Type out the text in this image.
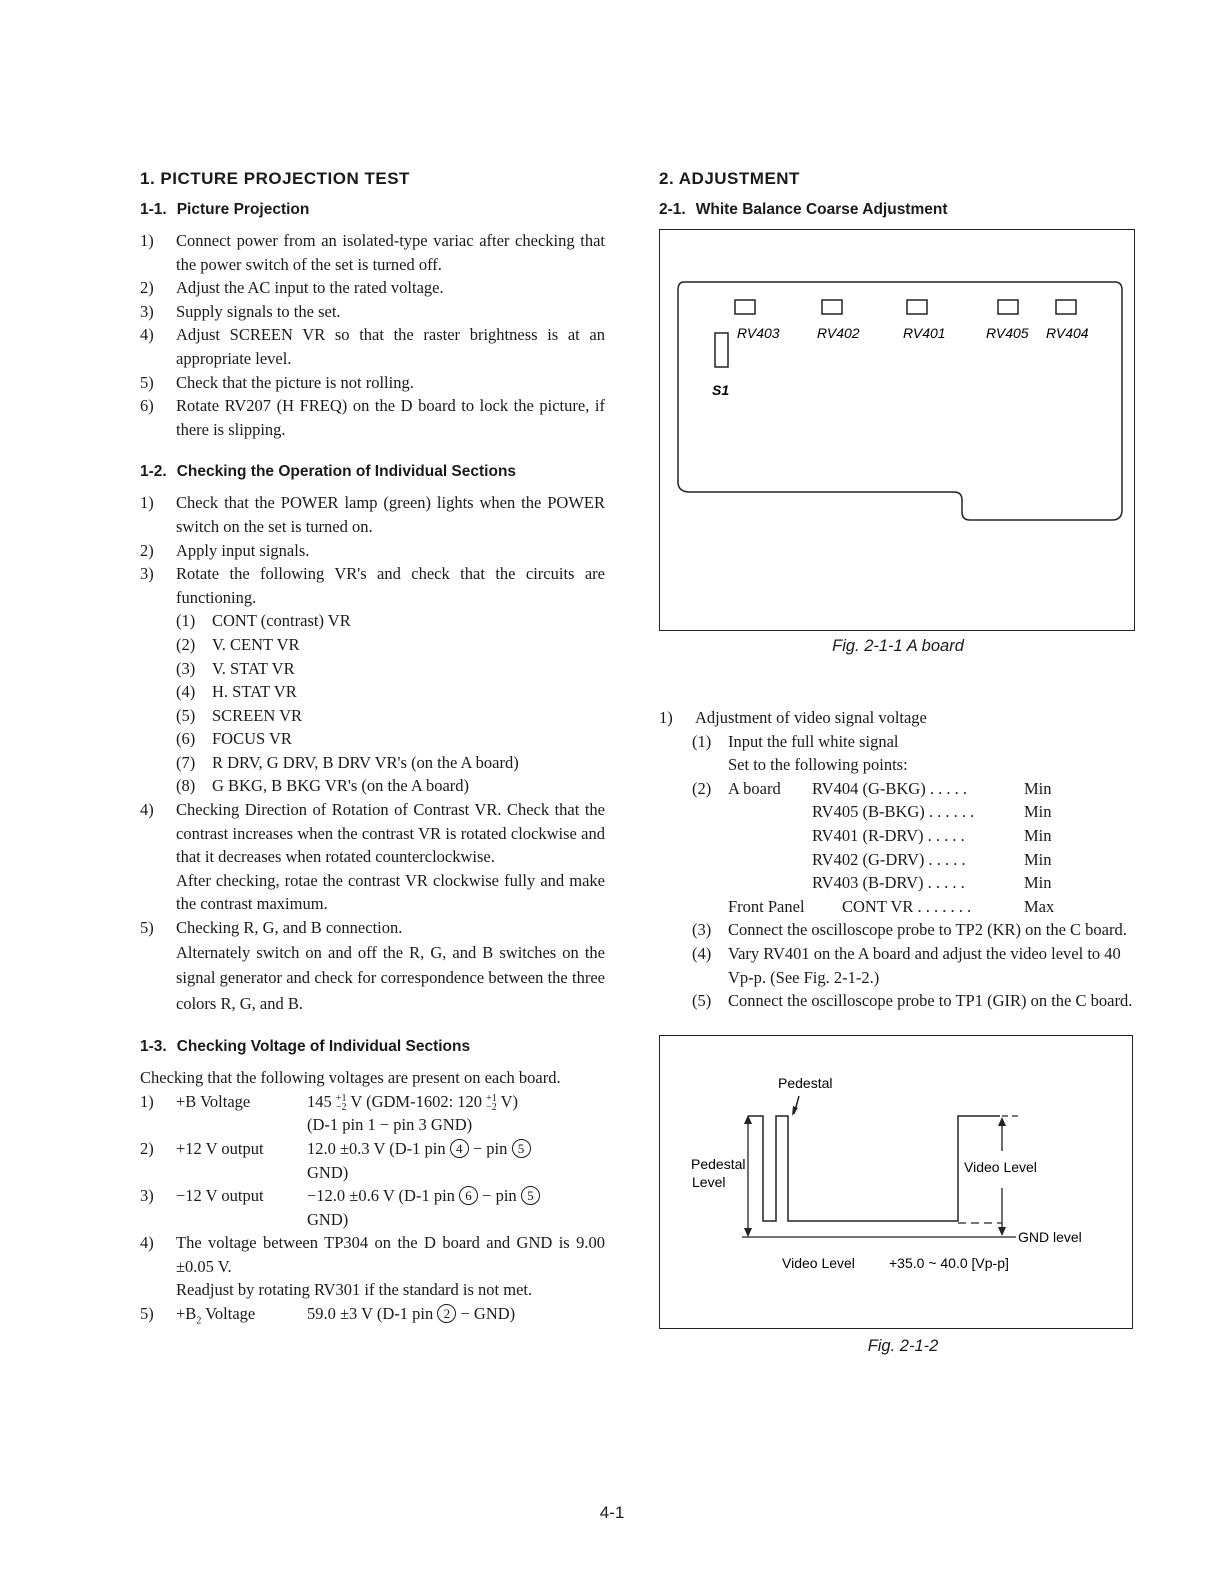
1. PICTURE PROJECTION TEST
1-1. Picture Projection
1)	Connect power from an isolated-type variac after checking that the power switch of the set is turned off.
2)	Adjust the AC input to the rated voltage.
3)	Supply signals to the set.
4)	Adjust SCREEN VR so that the raster brightness is at an appropriate level.
5)	Check that the picture is not rolling.
6)	Rotate RV207 (H FREQ) on the D board to lock the picture, if there is slipping.
1-2. Checking the Operation of Individual Sections
1)	Check that the POWER lamp (green) lights when the POWER switch on the set is turned on.
2)	Apply input signals.
3)	Rotate the following VR's and check that the circuits are functioning.
(1)	CONT (contrast) VR
(2)	V. CENT VR
(3)	V. STAT VR
(4)	H. STAT VR
(5)	SCREEN VR
(6)	FOCUS VR
(7)	R DRV, G DRV, B DRV VR's (on the A board)
(8)	G BKG, B BKG VR's (on the A board)
4)	Checking Direction of Rotation of Contrast VR. Check that the contrast increases when the contrast VR is rotated clockwise and that it decreases when rotated counterclockwise.
After checking, rotae the contrast VR clockwise fully and make the contrast maximum.
5)	Checking R, G, and B connection.
Alternately switch on and off the R, G, and B switches on the signal generator and check for correspondence between the three colors R, G, and B.
1-3. Checking Voltage of Individual Sections
Checking that the following voltages are present on each board.
1)	+B Voltage	145 +1
−2 V (GDM-1602: 120 +1
−2 V)
(D-1 pin 1 − pin 3 GND)
2)	+12 V output	12.0 ±0.3 V (D-1 pin 4 − pin 5
GND)
3)	−12 V output	−12.0 ±0.6 V (D-1 pin 6 − pin 5
GND)
4)	The voltage between TP304 on the D board and GND is 9.00 ±0.05 V.
Readjust by rotating RV301 if the standard is not met.
5)	$+B_2$ Voltage	59.0 ±3 V (D-1 pin 2 − GND)
2. ADJUSTMENT
2-1. White Balance Coarse Adjustment
RV403	RV402	RV401	RV405 RV404
S1
Fig. 2-1-1 A board
1)	Adjustment of video signal voltage
(1)	Input the full white signal
Set to the following points:
(2)	A board	RV404 (G-BKG) . . . . .	Min
RV405 (B-BKG) . . . . . .	Min
RV401 (R-DRV) . . . . .	Min
RV402 (G-DRV) . . . . .	Min
RV403 (B-DRV) . . . . .	Min
Front Panel	CONT VR . . . . . . .	Max
(3)	Connect the oscilloscope probe to TP2 (KR) on the C board.
(4)	Vary RV401 on the A board and adjust the video level to 40 Vp-p. (See Fig. 2-1-2.)
(5)	Connect the oscilloscope probe to TP1 (GIR) on the C board.
Pedestal
Pedestal
Level
Video Level
GND level
Video Level +35.0 ~ 40.0 [Vp-p]
Fig. 2-1-2
4-1
